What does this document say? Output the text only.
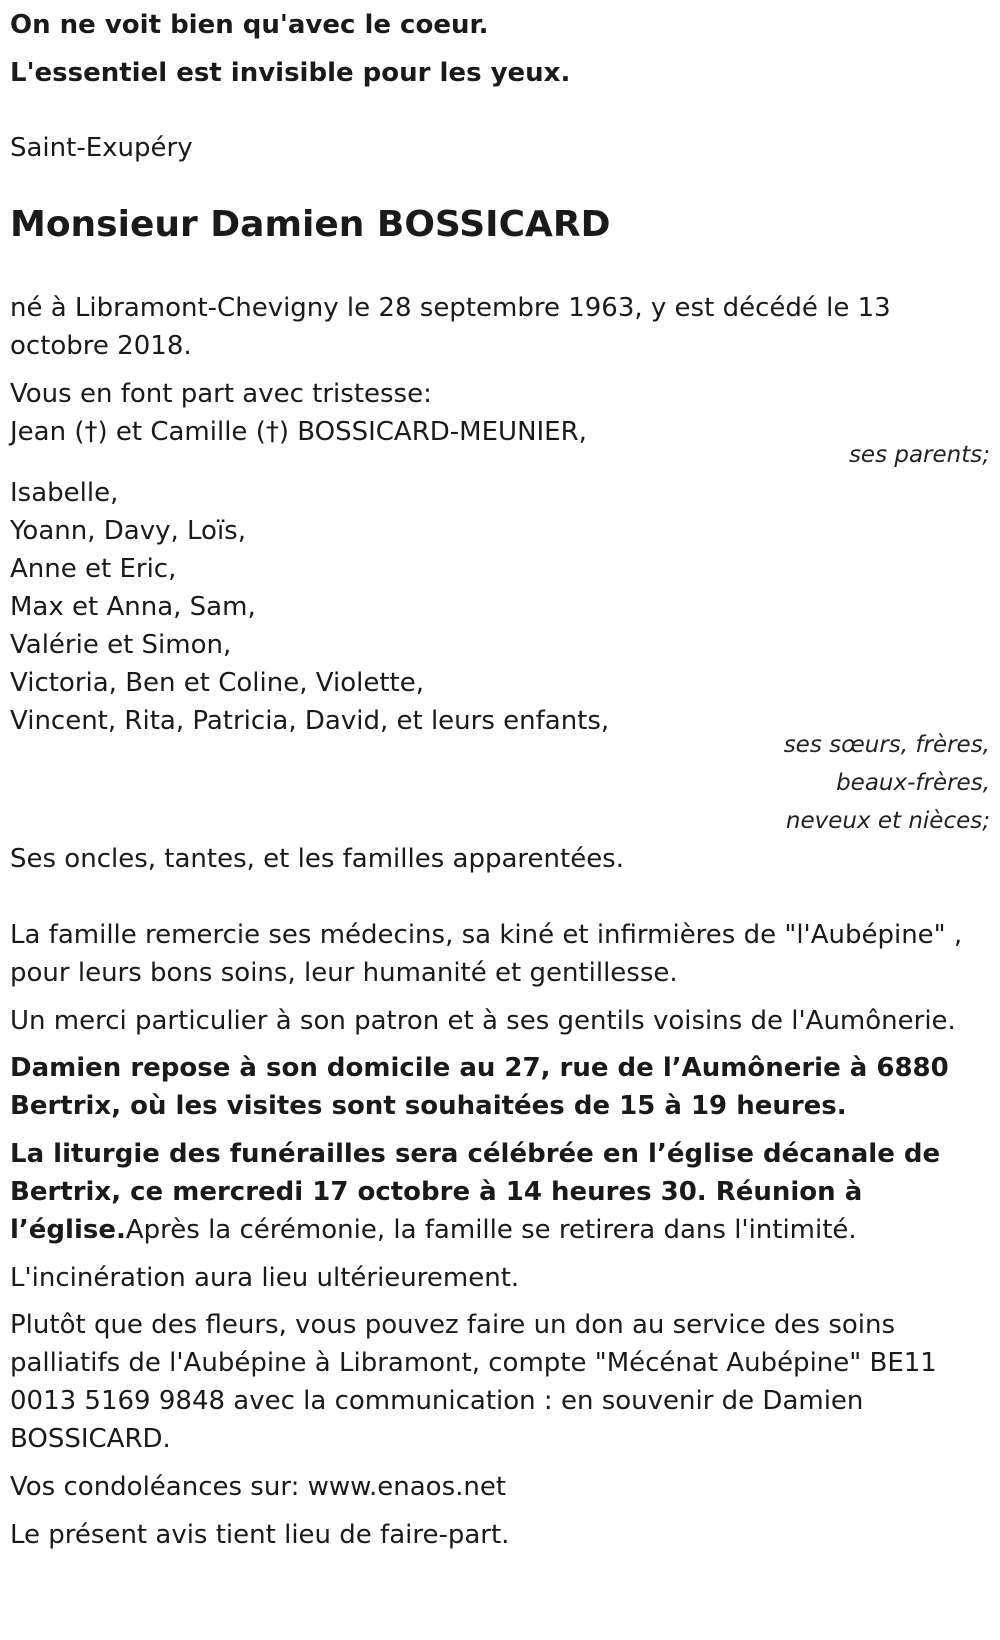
On ne voit bien qu'avec le coeur.
L'essentiel est invisible pour les yeux.
Saint-Exupéry
Monsieur Damien BOSSICARD
né à Libramont-Chevigny le 28 septembre 1963, y est décédé le 13
octobre 2018.
Vous en font part avec tristesse:
Jean (†) et Camille (†) BOSSICARD-MEUNIER,
ses parents;
Isabelle,
Yoann, Davy, Loïs,
Anne et Eric,
Max et Anna, Sam,
Valérie et Simon,
Victoria, Ben et Coline, Violette,
Vincent, Rita, Patricia, David, et leurs enfants,
ses sœurs, frères,
beaux-frères,
neveux et nièces;
Ses oncles, tantes, et les familles apparentées.
La famille remercie ses médecins, sa kiné et infirmières de "l'Aubépine" ,
pour leurs bons soins, leur humanité et gentillesse.
Un merci particulier à son patron et à ses gentils voisins de l'Aumônerie.
Damien repose à son domicile au 27, rue de l’Aumônerie à 6880
Bertrix, où les visites sont souhaitées de 15 à 19 heures.
La liturgie des funérailles sera célébrée en l’église décanale de
Bertrix, ce mercredi 17 octobre à 14 heures 30. Réunion à
l’église.Après la cérémonie, la famille se retirera dans l'intimité.
L'incinération aura lieu ultérieurement.
Plutôt que des fleurs, vous pouvez faire un don au service des soins
palliatifs de l'Aubépine à Libramont, compte "Mécénat Aubépine" BE11
0013 5169 9848 avec la communication : en souvenir de Damien
BOSSICARD.
Vos condoléances sur: www.enaos.net
Le présent avis tient lieu de faire-part.
